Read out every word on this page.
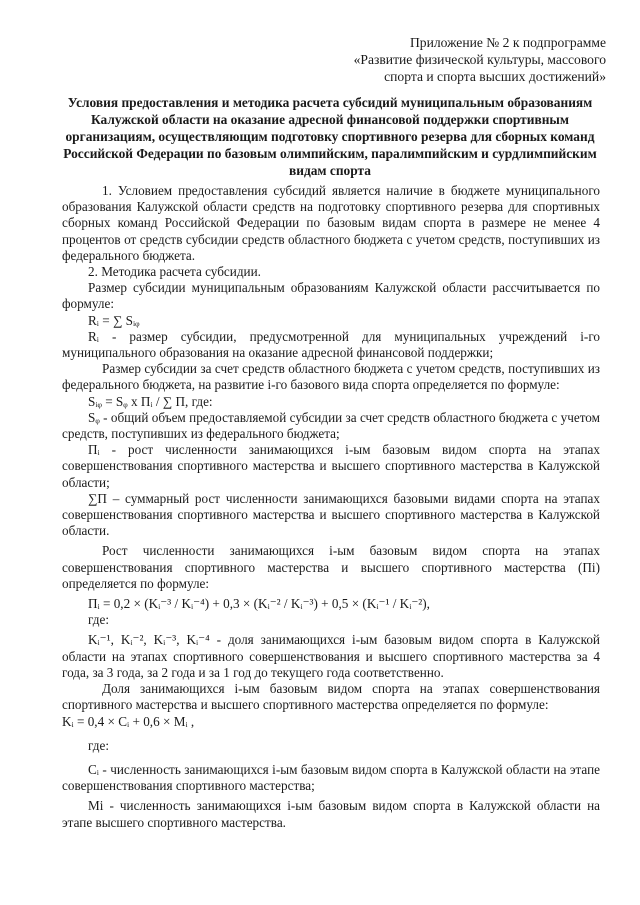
Приложение № 2 к подпрограмме
«Развитие физической культуры, массового
спорта и спорта высших достижений»
Условия предоставления и методика расчета субсидий муниципальным образованиям Калужской области на оказание адресной финансовой поддержки спортивным организациям, осуществляющим подготовку спортивного резерва для сборных команд Российской Федерации по базовым олимпийским, паралимпийским и сурдлимпийским видам спорта

1. Условием предоставления субсидий является наличие в бюджете муниципального образования Калужской области средств на подготовку спортивного резерва для спортивных сборных команд Российской Федерации по базовым видам спорта в размере не менее 4 процентов от средств субсидии средств областного бюджета с учетом средств, поступивших из федерального бюджета.

2. Методика расчета субсидии.

Размер субсидии муниципальным образованиям Калужской области рассчитывается по формуле:

Rᵢ = ∑ Sᵢᵩ

Rᵢ - размер субсидии, предусмотренной для муниципальных учреждений i-го муниципального образования на оказание адресной финансовой поддержки;

Размер субсидии за счет средств областного бюджета с учетом средств, поступивших из федерального бюджета, на развитие i-го базового вида спорта определяется по формуле:

Sᵢᵩ = Sᵩ x Пᵢ / ∑ П, где:

Sᵩ - общий объем предоставляемой субсидии за счет средств областного бюджета с учетом средств, поступивших из федерального бюджета;

Пᵢ - рост численности занимающихся i-ым базовым видом спорта на этапах совершенствования спортивного мастерства и высшего спортивного мастерства в Калужской области;

∑П – суммарный рост численности занимающихся базовыми видами спорта на этапах совершенствования спортивного мастерства и высшего спортивного мастерства в Калужской области.

Рост численности занимающихся i-ым базовым видом спорта на этапах совершенствования спортивного мастерства и высшего спортивного мастерства (Пi) определяется по формуле:

Пᵢ = 0,2 × (Kᵢ⁻³ / Kᵢ⁻⁴) + 0,3 × (Kᵢ⁻² / Kᵢ⁻³) + 0,5 × (Kᵢ⁻¹ / Kᵢ⁻²),

где:

Kᵢ⁻¹, Kᵢ⁻², Kᵢ⁻³, Kᵢ⁻⁴ - доля занимающихся i-ым базовым видом спорта в Калужской области на этапах спортивного совершенствования и высшего спортивного мастерства за 4 года, за 3 года, за 2 года и за 1 год до текущего года соответственно.

Доля занимающихся i-ым базовым видом спорта на этапах совершенствования спортивного мастерства и высшего спортивного мастерства определяется по формуле:

Kᵢ = 0,4 × Cᵢ + 0,6 × Mᵢ ,

где:

Cᵢ - численность занимающихся i-ым базовым видом спорта в Калужской области на этапе совершенствования спортивного мастерства;

Mi - численность занимающихся i-ым базовым видом спорта в Калужской области на этапе высшего спортивного мастерства.
